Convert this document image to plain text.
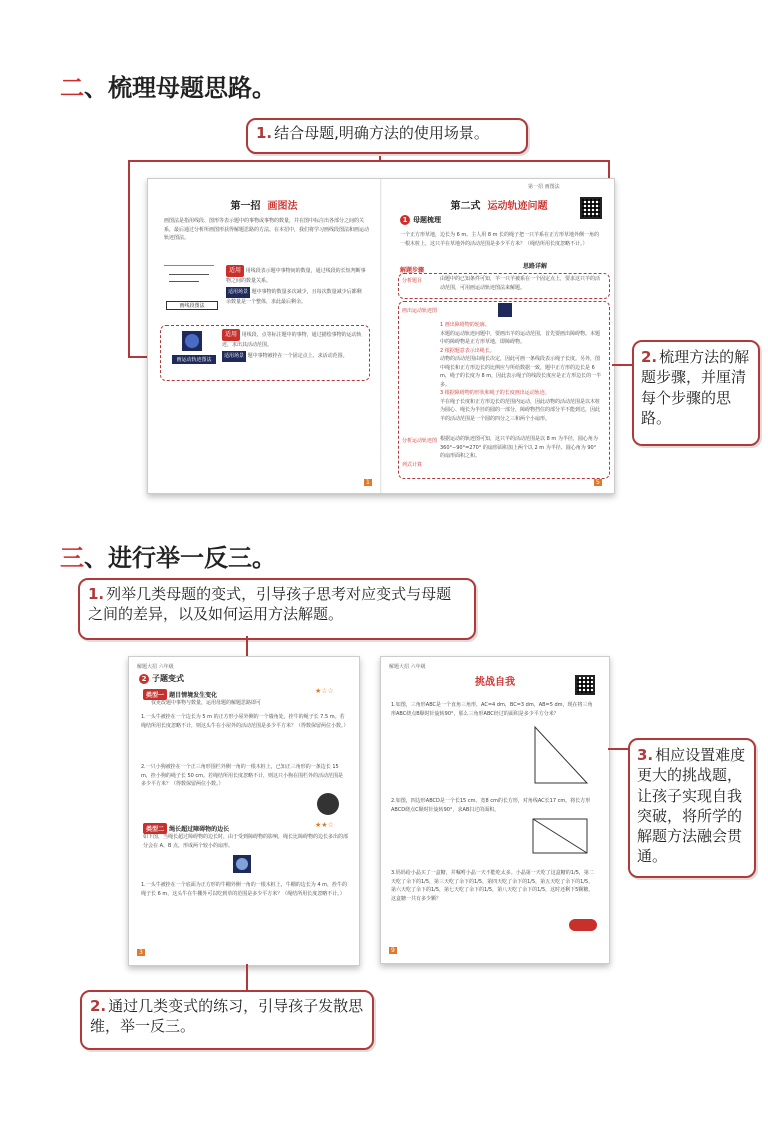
二、梳理母题思路。
1. 结合母题,明确方法的使用场景。
第一招 画图法
画图法是指用线段、图形等表示题中的事物或事物的数量，并在图中标注出各部分之间的关系，最后通过分析所画图形获得解题思路的方法。在本招中，我们将学习画线段图法和画运动轨迹图法。
画线段图法
适用 用线段表示题中事物间的数量，通过线段的长短判断事物之间的数量关系。
适用场景 题中事物的数量多次减少，且每次数量减少后都剩余数量是一个整体，求此最后剩余。
画运动轨迹图法
适用 用线段、点等标注题中的事物，通过描绘事物的运动轨迹，求出其活动范围。
适用场景 题中事物被拴在一个固定点上，求活动范围。
1
第一招 画图法
第二式 运动轨迹问题
1 母题梳理
一个正方形草地，边长为 6 m。主人用 8 m 长的绳子把一只羊系在正方形草地外侧一角的一根木桩上，这只羊在草地外的活动范围是多少平方米？（绳结所用长度忽略不计。）
思路详解
解题步骤
分析题目	由题中的已知条件可知，羊一只羊被系在一个固定点上，要求这只羊的活动范围，可用画运动轨迹图法来解题。
画出运动轨迹图
1 画出障碍物的轮廓。
本题的运动轨迹问题中，要画出羊的运动范围，首先要画出障碍物。本题中的障碍物是正方形草地，即障碍物。
2 根据题意表示出绳长。
动物的活动范围由绳长决定，因此可画一条线段表示绳子长度。另外，图中绳长和正方形边长的比例应与所给数据一致，题中正方形的边长是 6 m，绳子的长度为 8 m，因此表示绳子的线段长度应是正方形边长的一半多。
3 根据障碍物的形状和绳子的长度画出运动轨迹。
羊在绳子长度和正方形边长的范围内运动，因此动物的活动范围是以木桩为圆心、绳长为半径的圆的一部分，障碍物挡住的部分羊不能到达，因此羊的活动范围是一个圆的四分之三和两个小扇形。
分析运动轨迹图
列式计算
根据运动的轨迹图可知，这只羊的活动范围是以 8 m 为半径，圆心角为 360°−90°=270° 的扇形面积加上两个以 2 m 为半径、圆心角为 90° 的扇形面积之和。
5
2. 梳理方法的解题步骤，并厘清每个步骤的思路。
三、进行举一反三。
1. 列举几类母题的变式，引导孩子思考对应变式与母题之间的差异，以及如何运用方法解题。
解题大招 六年级
2 子题变式
类型一 题目情境发生变化
★☆☆
仅更改题中事物与数量，运用母题的解题思路即可
1.一头牛被拴在一个边长为 5 m 的正方形小屋外侧的一个墙角处，拴牛的绳子长 7.5 m。若绳结所用长度忽略不计，则这头牛在小屋外的活动范围是多少平方米？（得数保留两位小数。）
2.一只小狗被拴在一个正三角形围栏外侧一角的一根木桩上，已知正三角形的一条边长 15 m，拴小狗的绳子长 50 cm。若绳结所用长度忽略不计，则这只小狗在围栏外的活动范围是多少平方米？（得数保留两位小数。）
类型二 绳长超过障碍物的边长
★★☆
如下图，当绳长超过障碍物的边长时，由于受到障碍物的影响，绳长比障碍物的边长多出的部分会在 A、B 点，形成两个较小的扇形。
1.一头牛被拴在一个底面为正方形的牛棚外侧一角的一根木桩上，牛棚的边长为 4 m，拴牛的绳子长 6 m，这头牛在牛棚外可以吃到草的范围是多少平方米？（绳结所用长度忽略不计。）
3
2. 通过几类变式的练习，引导孩子发散思维，举一反三。
解题大招 六年级
挑战自我
1.如图，三角形ABC是一个直角三角形，AC=4 dm，BC=3 dm，AB=5 dm，现在将三角形ABC绕点B顺时针旋转90°，那么三角形ABC经过的面积是多少平方分米？
2.如图，四边形ABCD是一个长15 cm、宽8 cm的长方形，对角线AC长17 cm。将长方形ABCD绕点C顺时针旋转90°，求AB扫过的面积。
3.妈妈给小晶买了一盒糖，并嘱咐小晶一天不能吃太多。小晶第一天吃了这盒糖的1/5，第二天吃了余下的1/5，第三天吃了余下的1/5，第四天吃了余下的1/5，第五天吃了余下的1/5，第六天吃了余下的1/5，第七天吃了余下的1/5，第八天吃了余下的1/5，这时还剩下5颗糖。这盒糖一共有多少颗？
9
3. 相应设置难度更大的挑战题，让孩子实现自我突破，将所学的解题方法融会贯通。
